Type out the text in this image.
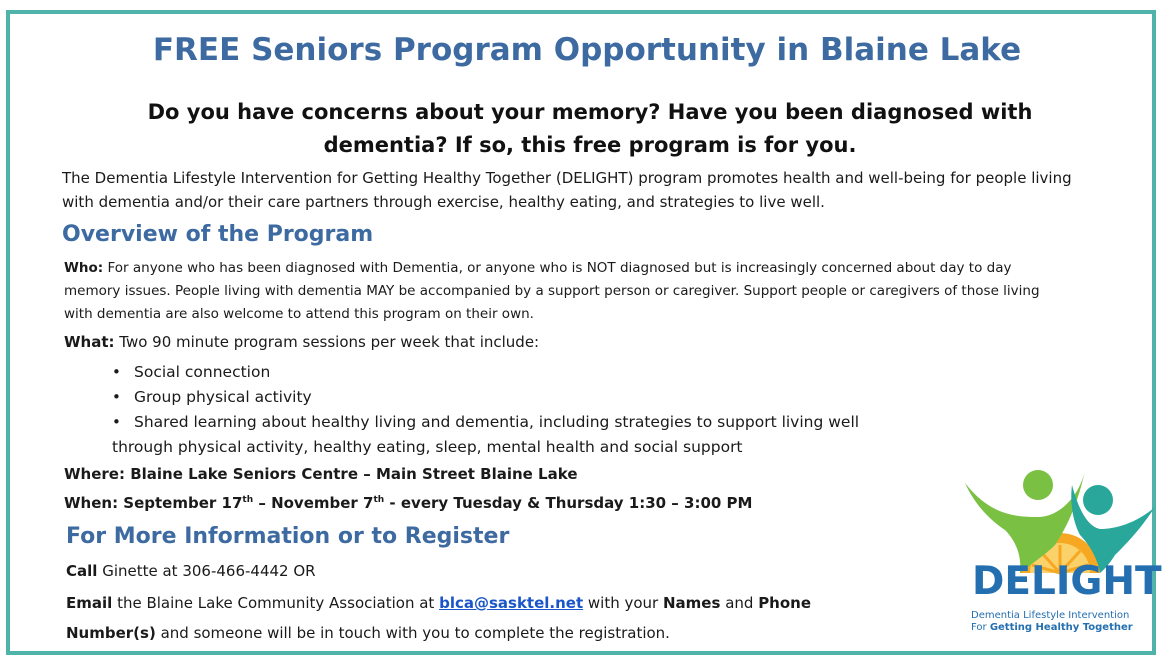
FREE Seniors Program Opportunity in Blaine Lake
Do you have concerns about your memory? Have you been diagnosed with
dementia? If so, this free program is for you.
The Dementia Lifestyle Intervention for Getting Healthy Together (DELIGHT) program promotes health and well-being for people living with dementia and/or their care partners through exercise, healthy eating, and strategies to live well.
Overview of the Program
Who: For anyone who has been diagnosed with Dementia, or anyone who is NOT diagnosed but is increasingly concerned about day to day memory issues. People living with dementia MAY be accompanied by a support person or caregiver. Support people or caregivers of those living with dementia are also welcome to attend this program on their own.
What: Two 90 minute program sessions per week that include:
• Social connection
• Group physical activity
• Shared learning about healthy living and dementia, including strategies to support living well
through physical activity, healthy eating, sleep, mental health and social support
Where: Blaine Lake Seniors Centre – Main Street Blaine Lake
When: September 17th – November 7th - every Tuesday & Thursday 1:30 – 3:00 PM
For More Information or to Register
Call Ginette at 306-466-4442 OR
Email the Blaine Lake Community Association at blca@sasktel.net with your Names and Phone
Number(s) and someone will be in touch with you to complete the registration.
DELIGHT
Dementia Lifestyle Intervention
For Getting Healthy Together
